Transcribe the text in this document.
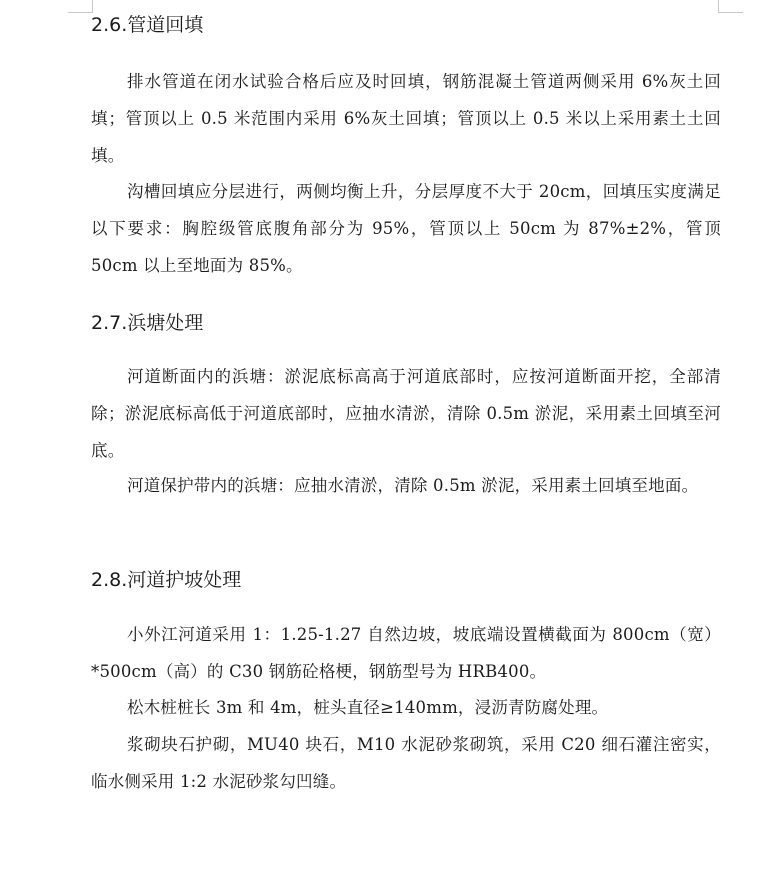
2.6.管道回填

排水管道在闭水试验合格后应及时回填，钢筋混凝土管道两侧采用 6%灰土回填；管顶以上 0.5 米范围内采用 6%灰土回填；管顶以上 0.5 米以上采用素土土回填。

沟槽回填应分层进行，两侧均衡上升，分层厚度不大于 20cm，回填压实度满足以下要求：胸腔级管底腹角部分为 95%，管顶以上 50cm 为 87%±2%，管顶 50cm 以上至地面为 85%。

2.7.浜塘处理

河道断面内的浜塘：淤泥底标高高于河道底部时，应按河道断面开挖，全部清除；淤泥底标高低于河道底部时，应抽水清淤，清除 0.5m 淤泥，采用素土回填至河底。

河道保护带内的浜塘：应抽水清淤，清除 0.5m 淤泥，采用素土回填至地面。

2.8.河道护坡处理

小外江河道采用 1：1.25-1.27 自然边坡，坡底端设置横截面为 800cm（宽）*500cm（高）的 C30 钢筋砼格梗，钢筋型号为 HRB400。

松木桩桩长 3m 和 4m，桩头直径≥140mm，浸沥青防腐处理。

浆砌块石护砌，MU40 块石，M10 水泥砂浆砌筑，采用 C20 细石灌注密实，临水侧采用 1:2 水泥砂浆勾凹缝。
